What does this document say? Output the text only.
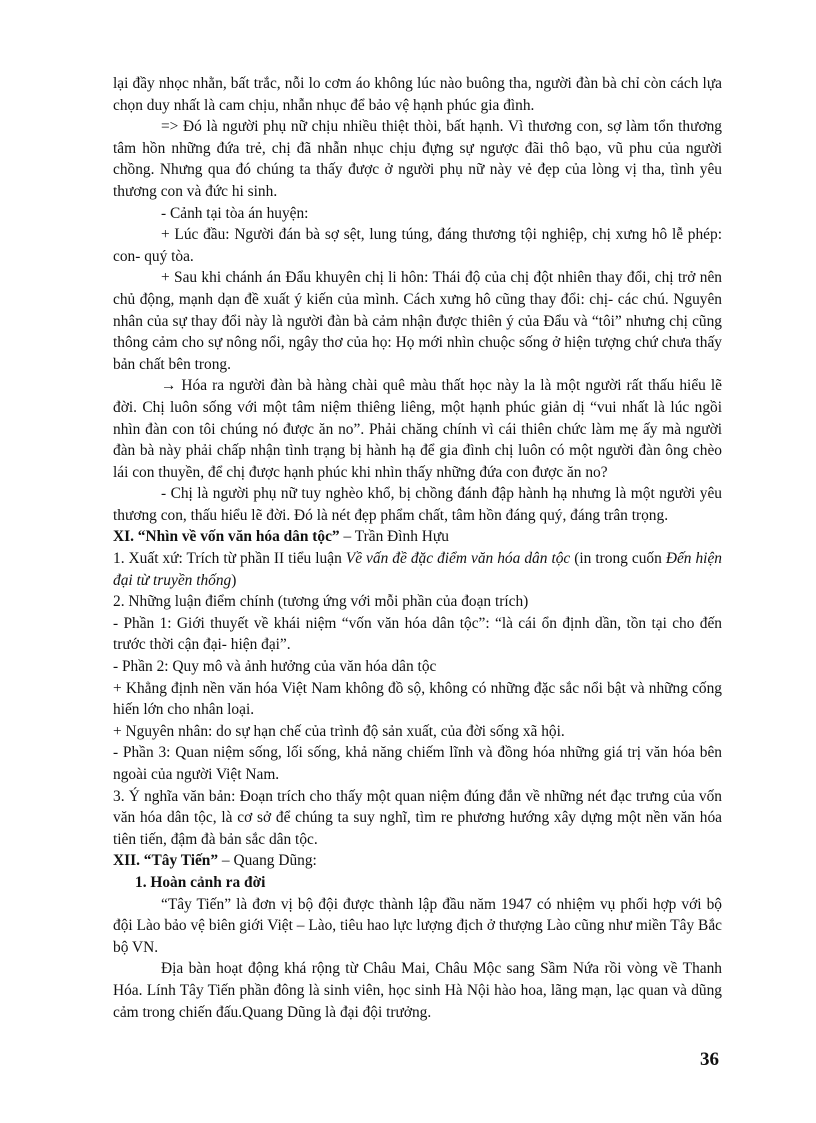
lại đầy nhọc nhằn, bất trắc, nỗi lo cơm áo không lúc nào buông tha, người đàn bà chỉ còn cách lựa chọn duy nhất là cam chịu, nhẫn nhục để bảo vệ hạnh phúc gia đình.

=> Đó là người phụ nữ chịu nhiều thiệt thòi, bất hạnh. Vì thương con, sợ làm tổn thương tâm hồn những đứa trẻ, chị đã nhẫn nhục chịu đựng sự ngược đãi thô bạo, vũ phu của người chồng. Nhưng qua đó chúng ta thấy được ở người phụ nữ này vẻ đẹp của lòng vị tha, tình yêu thương con và đức hi sinh.

- Cảnh tại tòa án huyện:

+ Lúc đầu: Người đán bà sợ sệt, lung túng, đáng thương tội nghiệp, chị xưng hô lễ phép: con- quý tòa.

+ Sau khi chánh án Đẩu khuyên chị li hôn: Thái độ của chị đột nhiên thay đổi, chị trở nên chủ động, mạnh dạn đề xuất ý kiến của mình. Cách xưng hô cũng thay đổi: chị- các chú. Nguyên nhân của sự thay đổi này là người đàn bà cảm nhận được thiên ý của Đẩu và “tôi” nhưng chị cũng thông cảm cho sự nông nổi, ngây thơ của họ: Họ mới nhìn chuộc sống ở hiện tượng chứ chưa thấy bản chất bên trong.

→ Hóa ra người đàn bà hàng chài quê màu thất học này la là một người rất thấu hiểu lẽ đời. Chị luôn sống với một tâm niệm thiêng liêng, một hạnh phúc giản dị “vui nhất là lúc ngồi nhìn đàn con tôi chúng nó được ăn no”. Phải chăng chính vì cái thiên chức làm mẹ ấy mà người đàn bà này phải chấp nhận tình trạng bị hành hạ để gia đình chị luôn có một người đàn ông chèo lái con thuyền, để chị được hạnh phúc khi nhìn thấy những đứa con được ăn no?

- Chị là người phụ nữ tuy nghèo khổ, bị chồng đánh đập hành hạ nhưng là một người yêu thương con, thấu hiểu lẽ đời. Đó là nét đẹp phẩm chất, tâm hồn đáng quý, đáng trân trọng.

XI. “Nhìn về vốn văn hóa dân tộc” – Trần Đình Hựu

1. Xuất xứ: Trích từ phần II tiểu luận Về vấn đề đặc điểm văn hóa dân tộc (in trong cuốn Đến hiện đại từ truyền thống)

2. Những luận điểm chính (tương ứng với mỗi phần của đoạn trích)

- Phần 1: Giới thuyết về khái niệm “vốn văn hóa dân tộc”: “là cái ổn định dần, tồn tại cho đến trước thời cận đại- hiện đại”.

- Phần 2: Quy mô và ảnh hưởng của văn hóa dân tộc

+ Khẳng định nền văn hóa Việt Nam không đồ sộ, không có những đặc sắc nổi bật và những cống hiến lớn cho nhân loại.

+ Nguyên nhân: do sự hạn chế của trình độ sản xuất, của đời sống xã hội.

- Phần 3: Quan niệm sống, lối sống, khả năng chiếm lĩnh và đồng hóa những giá trị văn hóa bên ngoài của người Việt Nam.

3. Ý nghĩa văn bản: Đoạn trích cho thấy một quan niệm đúng đắn về những nét đạc trưng của vốn văn hóa dân tộc, là cơ sở để chúng ta suy nghĩ, tìm re phương hướng xây dựng một nền văn hóa tiên tiến, đậm đà bản sắc dân tộc.

XII. “Tây Tiến” – Quang Dũng:

1. Hoàn cảnh ra đời

“Tây Tiến” là đơn vị bộ đội được thành lập đầu năm 1947 có nhiệm vụ phối hợp với bộ đội Lào bảo vệ biên giới Việt – Lào, tiêu hao lực lượng địch ở thượng Lào cũng như miền Tây Bắc bộ VN.

Địa bàn hoạt động khá rộng từ Châu Mai, Châu Mộc sang Sầm Nứa rồi vòng về Thanh Hóa. Lính Tây Tiến phần đông là sinh viên, học sinh Hà Nội hào hoa, lãng mạn, lạc quan và dũng cảm trong chiến đấu.Quang Dũng là đại đội trưởng.

36
